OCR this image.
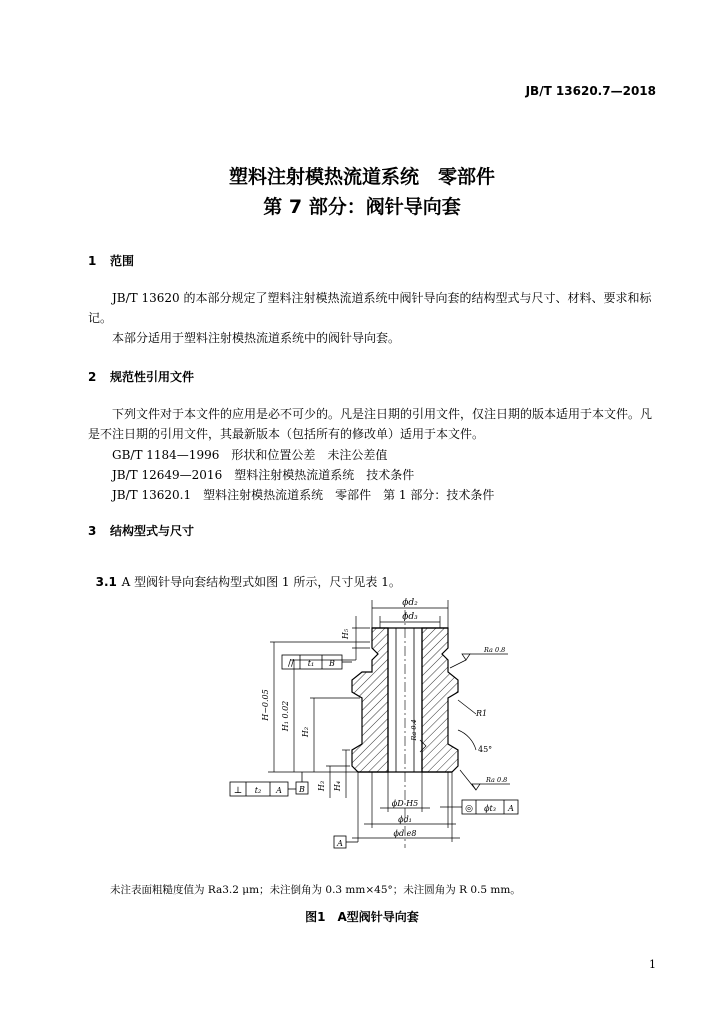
JB/T 13620.7—2018
塑料注射模热流道系统　零部件
第 7 部分：阀针导向套
1 范围
JB/T 13620 的本部分规定了塑料注射模热流道系统中阀针导向套的结构型式与尺寸、材料、要求和标记。
本部分适用于塑料注射模热流道系统中的阀针导向套。
2 规范性引用文件
下列文件对于本文件的应用是必不可少的。凡是注日期的引用文件，仅注日期的版本适用于本文件。凡是不注日期的引用文件，其最新版本（包括所有的修改单）适用于本文件。
GB/T 1184—1996　形状和位置公差　未注公差值
JB/T 12649—2016　塑料注射模热流道系统　技术条件
JB/T 13620.1　塑料注射模热流道系统　零部件　第 1 部分：技术条件
3 结构型式与尺寸

3.1 A 型阀针导向套结构型式如图 1 所示，尺寸见表 1。

ϕd₂
ϕd₃
H₅
H−0.05 H₁ 0.02
H₂
H₃ H₄
// t₁ B
⊥ t₂ A B
Ra 0.8
Ra 0.4
Ra 0.8
R1
45°
ϕD H5
ϕd₁
ϕd e8
◎ ϕt₃ A
A
未注表面粗糙度值为 Ra3.2 μm；未注倒角为 0.3 mm×45°；未注圆角为 R 0.5 mm。
图1　A型阀针导向套
1
